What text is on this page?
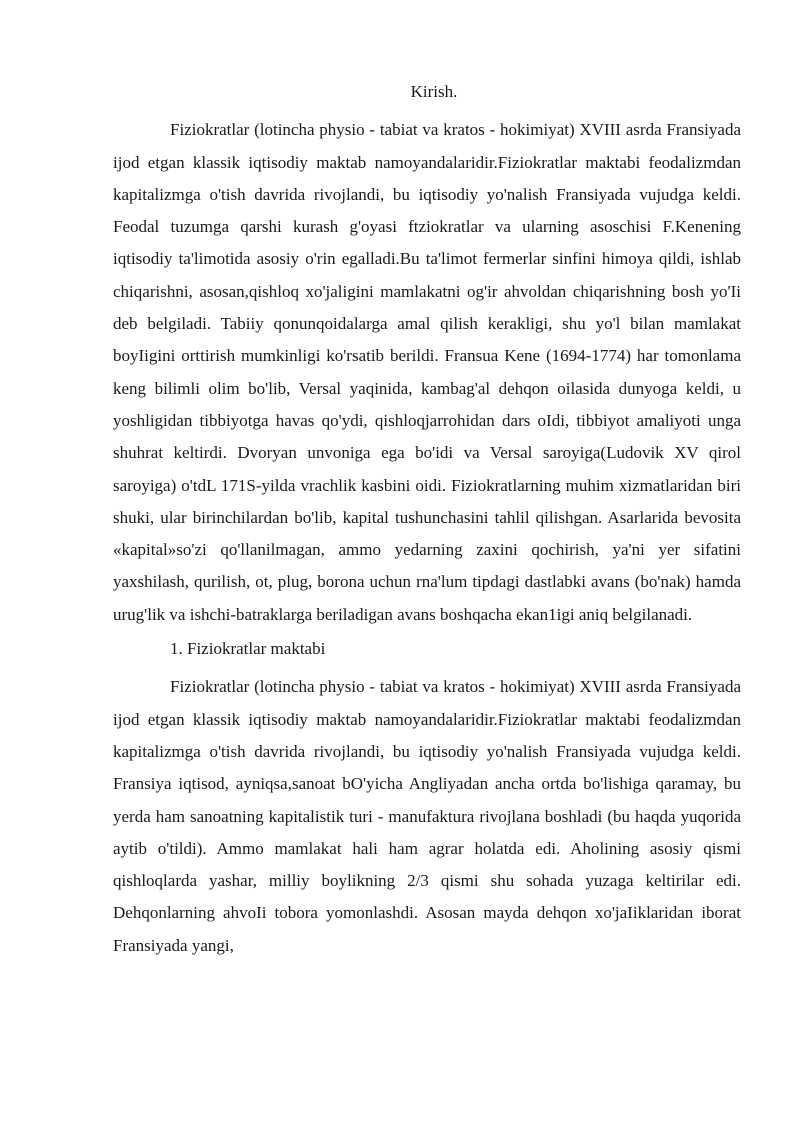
Kirish.

Fiziokratlar (lotincha physio - tabiat va kratos - hokimiyat) XVIII asrda Fransiyada ijod etgan klassik iqtisodiy maktab namoyandalaridir.Fiziokratlar maktabi feodalizmdan kapitalizmga o'tish davrida rivojlandi, bu iqtisodiy yo'nalish Fransiyada vujudga keldi. Feodal tuzumga qarshi kurash g'oyasi ftziokratlar va ularning asoschisi F.Kenening iqtisodiy ta'limotida asosiy o'rin egalladi.Bu ta'limot fermerlar sinfini himoya qildi, ishlab chiqarishni, asosan,qishloq xo'jaligini mamlakatni og'ir ahvoldan chiqarishning bosh yo'Ii deb belgiladi. Tabiiy qonunqoidalarga amal qilish kerakligi, shu yo'l bilan mamlakat boyIigini orttirish mumkinligi ko'rsatib berildi. Fransua Kene (1694-1774) har tomonlama keng bilimli olim bo'lib, Versal yaqinida, kambag'al dehqon oilasida dunyoga keldi, u yoshligidan tibbiyotga havas qo'ydi, qishloqjarrohidan dars oIdi, tibbiyot amaliyoti unga shuhrat keltirdi. Dvoryan unvoniga ega bo'idi va Versal saroyiga(Ludovik XV qirol saroyiga) o'tdL 171S-yilda vrachlik kasbini oidi. Fiziokratlarning muhim xizmatlaridan biri shuki, ular birinchilardan bo'lib, kapital tushunchasini tahlil qilishgan. Asarlarida bevosita «kapital»so'zi qo'llanilmagan, ammo yedarning zaxini qochirish, ya'ni yer sifatini yaxshilash, qurilish, ot, plug, borona uchun rna'lum tipdagi dastlabki avans (bo'nak) hamda urug'lik va ishchi-batraklarga beriladigan avans boshqacha ekan1igi aniq belgilanadi.

1. Fiziokratlar maktabi

Fiziokratlar (lotincha physio - tabiat va kratos - hokimiyat) XVIII asrda Fransiyada ijod etgan klassik iqtisodiy maktab namoyandalaridir.Fiziokratlar maktabi feodalizmdan kapitalizmga o'tish davrida rivojlandi, bu iqtisodiy yo'nalish Fransiyada vujudga keldi. Fransiya iqtisod, ayniqsa,sanoat bO'yicha Angliyadan ancha ortda bo'lishiga qaramay, bu yerda ham sanoatning kapitalistik turi - manufaktura rivojlana boshladi (bu haqda yuqorida aytib o'tildi). Ammo mamlakat hali ham agrar holatda edi. Aholining asosiy qismi qishloqlarda yashar, milliy boylikning 2/3 qismi shu sohada yuzaga keltirilar edi. Dehqonlarning ahvoIi tobora yomonlashdi. Asosan mayda dehqon xo'jaIiklaridan iborat Fransiyada yangi,
